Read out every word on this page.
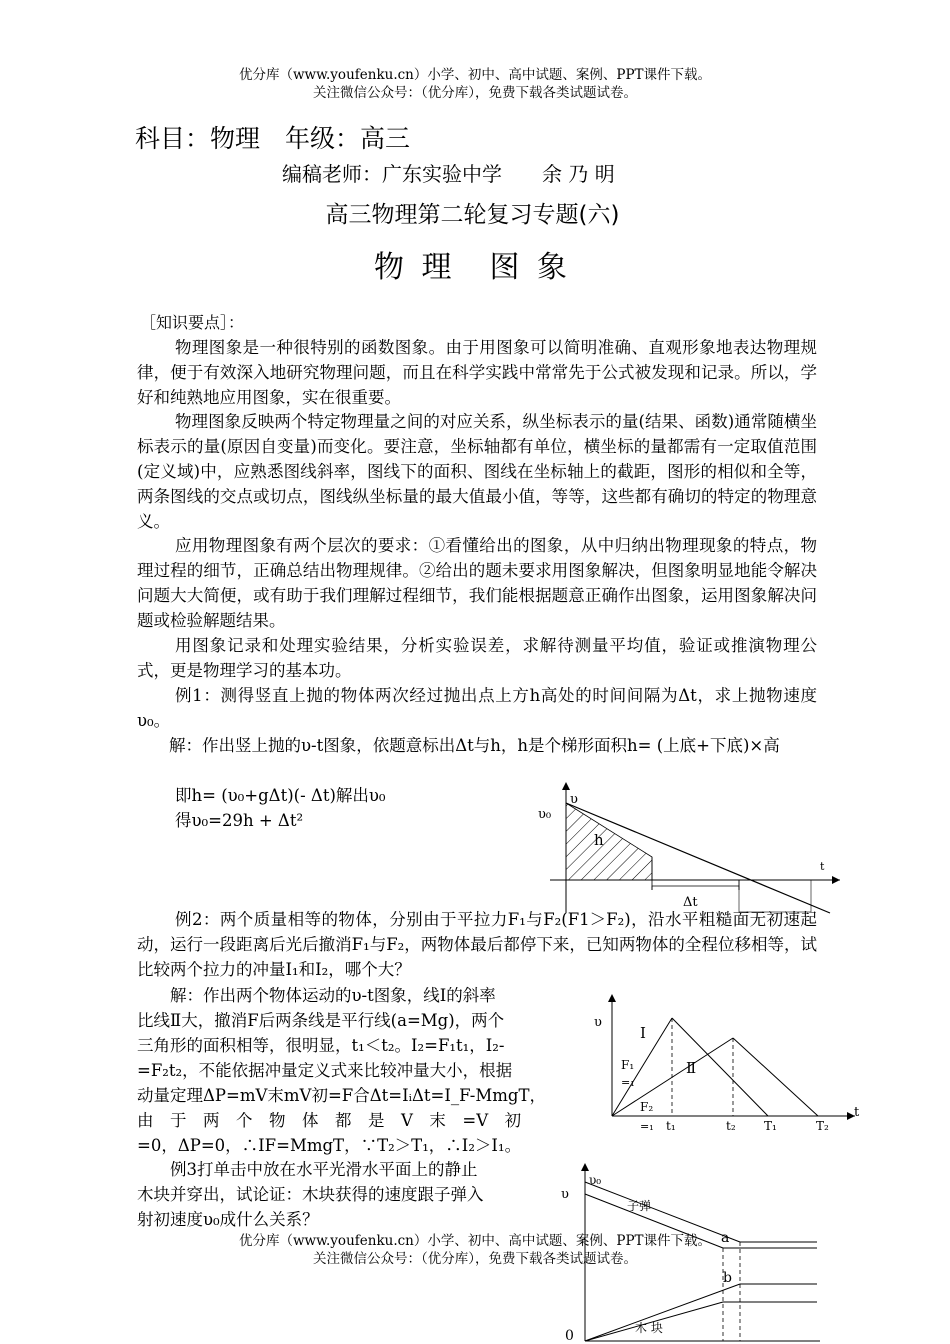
优分库（www.youfenku.cn）小学、初中、高中试题、案例、PPT课件下载。
关注微信公众号：（优分库），免费下载各类试题试卷。
科目：物理　年级：高三
编稿老师：广东实验中学　　余 乃 明
高三物理第二轮复习专题(六)
物 理　图 象
［知识要点］：
物理图象是一种很特别的函数图象。由于用图象可以简明准确、直观形象地表达物理规律，便于有效深入地研究物理问题，而且在科学实践中常常先于公式被发现和记录。所以，学好和纯熟地应用图象，实在很重要。
物理图象反映两个特定物理量之间的对应关系，纵坐标表示的量(结果、函数)通常随横坐标表示的量(原因自变量)而变化。要注意，坐标轴都有单位，横坐标的量都需有一定取值范围(定义域)中，应熟悉图线斜率，图线下的面积、图线在坐标轴上的截距，图形的相似和全等，两条图线的交点或切点，图线纵坐标量的最大值最小值，等等，这些都有确切的特定的物理意义。
应用物理图象有两个层次的要求：①看懂给出的图象，从中归纳出物理现象的特点，物理过程的细节，正确总结出物理规律。②给出的题未要求用图象解决，但图象明显地能令解决问题大大简便，或有助于我们理解过程细节，我们能根据题意正确作出图象，运用图象解决问题或检验解题结果。
用图象记录和处理实验结果，分析实验误差，求解待测量平均值，验证或推演物理公式，更是物理学习的基本功。
例1：测得竖直上抛的物体两次经过抛出点上方h高处的时间间隔为Δt，求上抛物速度υ₀。
解：作出竖上抛的υ-t图象，依题意标出Δt与h，h是个梯形面积h= (上底+下底)×高
即h= (υ₀+gΔt)(- Δt)解出υ₀
得υ₀=29h + Δt²
υ
υ₀
h
t
Δt
例2：两个质量相等的物体，分别由于平拉力F₁与F₂(F1＞F₂)，沿水平粗糙面无初速起动，运行一段距离后光后撤消F₁与F₂，两物体最后都停下来，已知两物体的全程位移相等，试比较两个拉力的冲量I₁和I₂，哪个大？
解：作出两个物体运动的υ-t图象，线I的斜率
比线Ⅱ大，撤消F后两条线是平行线(a=Mg)，两个
三角形的面积相等，很明显，t₁＜t₂。Ⅰ₂=F₁t₁，Ⅰ₂-
=F₂t₂，不能依据冲量定义式来比较冲量大小，根据
动量定理ΔP=mV末mV初=F合Δt=IᵢΔt=I_F-MmgT，
由　于　两　个　物　体　都　是　V　末　=V　初
=0，ΔP=0，∴IF=MmgT，∵T₂＞T₁，∴Ⅰ₂＞Ⅰ₁。
υ
t
I
Ⅱ
F₁
=₁
F₂
=₁ t₁	t₂ T₁	T₂
例3打单击中放在水平光滑水平面上的静止
木块并穿出，试论证：木块获得的速度跟子弹入
射初速度υ₀成什么关系？
υ₀
υ
0
子弹
木 块
a
b
优分库（www.youfenku.cn）小学、初中、高中试题、案例、PPT课件下载。
关注微信公众号：（优分库），免费下载各类试题试卷。
